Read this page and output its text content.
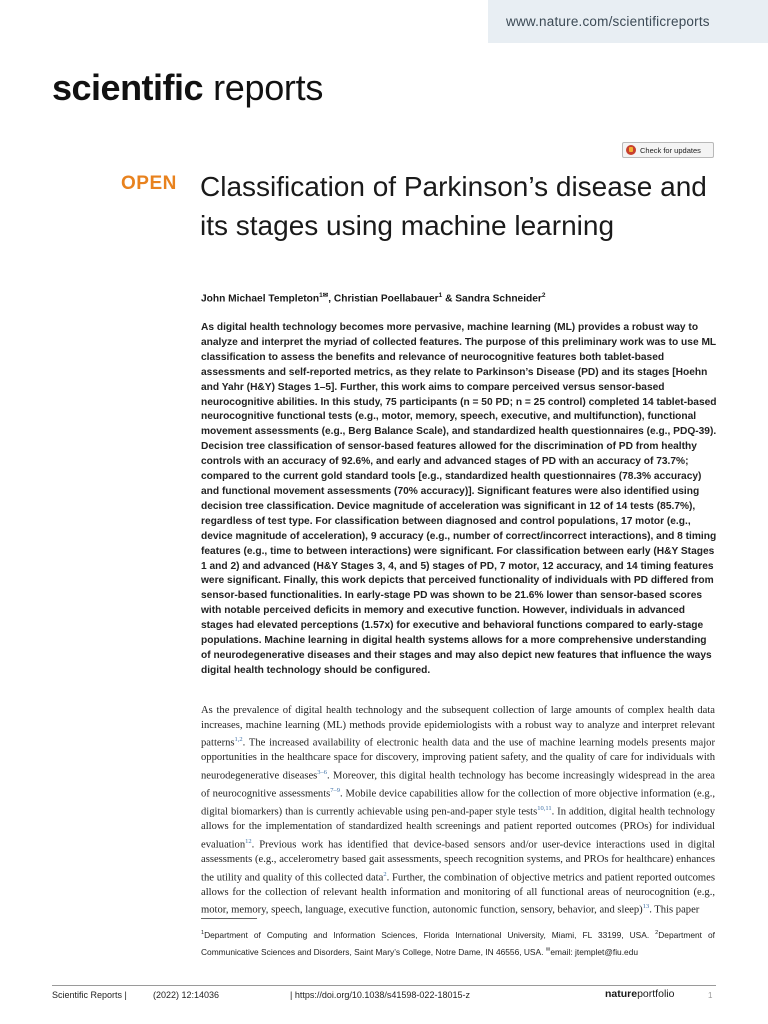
www.nature.com/scientificreports
scientific reports
Check for updates
OPEN Classification of Parkinson’s disease and its stages using machine learning
John Michael Templeton$^{1✉}$, Christian Poellabauer$^1$ & Sandra Schneider$^2$

As digital health technology becomes more pervasive, machine learning (ML) provides a robust way to analyze and interpret the myriad of collected features. The purpose of this preliminary work was to use ML classification to assess the benefits and relevance of neurocognitive features both tablet-based assessments and self-reported metrics, as they relate to Parkinson’s Disease (PD) and its stages [Hoehn and Yahr (H&Y) Stages 1–5]. Further, this work aims to compare perceived versus sensor-based neurocognitive abilities. In this study, 75 participants (n = 50 PD; n = 25 control) completed 14 tablet-based neurocognitive functional tests (e.g., motor, memory, speech, executive, and multifunction), functional movement assessments (e.g., Berg Balance Scale), and standardized health questionnaires (e.g., PDQ-39). Decision tree classification of sensor-based features allowed for the discrimination of PD from healthy controls with an accuracy of 92.6%, and early and advanced stages of PD with an accuracy of 73.7%; compared to the current gold standard tools [e.g., standardized health questionnaires (78.3% accuracy) and functional movement assessments (70% accuracy)]. Significant features were also identified using decision tree classification. Device magnitude of acceleration was significant in 12 of 14 tests (85.7%), regardless of test type. For classification between diagnosed and control populations, 17 motor (e.g., device magnitude of acceleration), 9 accuracy (e.g., number of correct/incorrect interactions), and 8 timing features (e.g., time to between interactions) were significant. For classification between early (H&Y Stages 1 and 2) and advanced (H&Y Stages 3, 4, and 5) stages of PD, 7 motor, 12 accuracy, and 14 timing features were significant. Finally, this work depicts that perceived functionality of individuals with PD differed from sensor-based functionalities. In early-stage PD was shown to be 21.6% lower than sensor-based scores with notable perceived deficits in memory and executive function. However, individuals in advanced stages had elevated perceptions (1.57x) for executive and behavioral functions compared to early-stage populations. Machine learning in digital health systems allows for a more comprehensive understanding of neurodegenerative diseases and their stages and may also depict new features that influence the ways digital health technology should be configured.

As the prevalence of digital health technology and the subsequent collection of large amounts of complex health data increases, machine learning (ML) methods provide epidemiologists with a robust way to analyze and interpret relevant patterns$^{1,2}$. The increased availability of electronic health data and the use of machine learning models presents major opportunities in the healthcare space for discovery, improving patient safety, and the quality of care for individuals with neurodegenerative diseases$^{3-6}$. Moreover, this digital health technology has become increasingly widespread in the area of neurocognitive assessments$^{7-9}$. Mobile device capabilities allow for the collection of more objective information (e.g., digital biomarkers) than is currently achievable using pen-and-paper style tests$^{10,11}$. In addition, digital health technology allows for the implementation of standardized health screenings and patient reported outcomes (PROs) for individual evaluation$^{12}$. Previous work has identified that device-based sensors and/or user-device interactions used in digital assessments (e.g., accelerometry based gait assessments, speech recognition systems, and PROs for healthcare) enhances the utility and quality of this collected data$^2$. Further, the combination of objective metrics and patient reported outcomes allows for the collection of relevant health information and monitoring of all functional areas of neurocognition (e.g., motor, memory, speech, language, executive function, autonomic function, sensory, behavior, and sleep)$^{13}$. This paper

$^1$Department of Computing and Information Sciences, Florida International University, Miami, FL 33199, USA. $^2$Department of Communicative Sciences and Disorders, Saint Mary’s College, Notre Dame, IN 46556, USA. ✉email: jtemplet@fiu.edu

Scientific Reports |	(2022) 12:14036	| https://doi.org/10.1038/s41598-022-18015-z	natureportfolio	1
